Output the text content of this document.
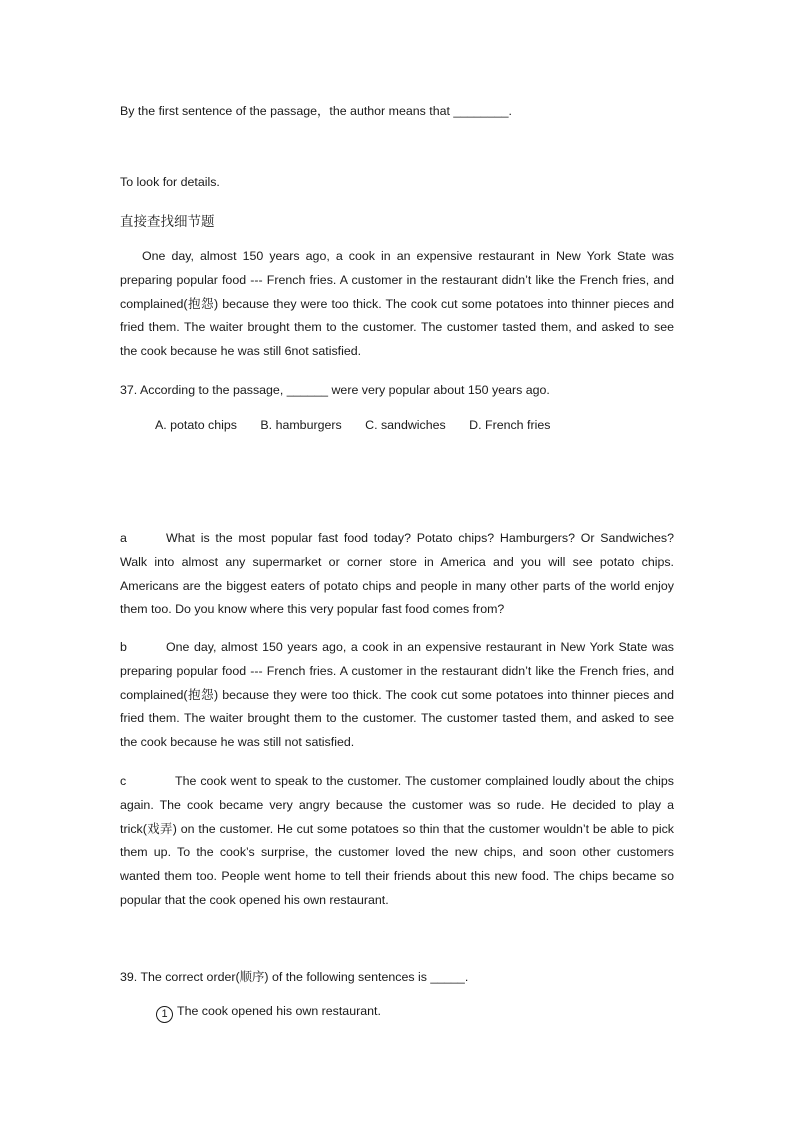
By the first sentence of the passage，the author means that ________.
To look for details.
直接查找细节题

One day, almost 150 years ago, a cook in an expensive restaurant in New York State was preparing popular food --- French fries. A customer in the restaurant didn’t like the French fries, and complained(抱怨) because they were too thick. The cook cut some potatoes into thinner pieces and fried them. The waiter brought them to the customer. The customer tasted them, and asked to see the cook because he was still 6not satisfied.

37. According to the passage, ______ were very popular about 150 years ago.
A. potato chips B. hamburgers C. sandwiches D. French fries

a	What is the most popular fast food today? Potato chips? Hamburgers? Or Sandwiches? Walk into almost any supermarket or corner store in America and you will see potato chips. Americans are the biggest eaters of potato chips and people in many other parts of the world enjoy them too. Do you know where this very popular fast food comes from?

b	One day, almost 150 years ago, a cook in an expensive restaurant in New York State was preparing popular food --- French fries. A customer in the restaurant didn’t like the French fries, and complained(抱怨) because they were too thick. The cook cut some potatoes into thinner pieces and fried them. The waiter brought them to the customer. The customer tasted them, and asked to see the cook because he was still not satisfied.

c	The cook went to speak to the customer. The customer complained loudly about the chips again. The cook became very angry because the customer was so rude. He decided to play a trick(戏弄) on the customer. He cut some potatoes so thin that the customer wouldn’t be able to pick them up. To the cook’s surprise, the customer loved the new chips, and soon other customers wanted them too. People went home to tell their friends about this new food. The chips became so popular that the cook opened his own restaurant.

39. The correct order(顺序) of the following sentences is _____.
1 The cook opened his own restaurant.
